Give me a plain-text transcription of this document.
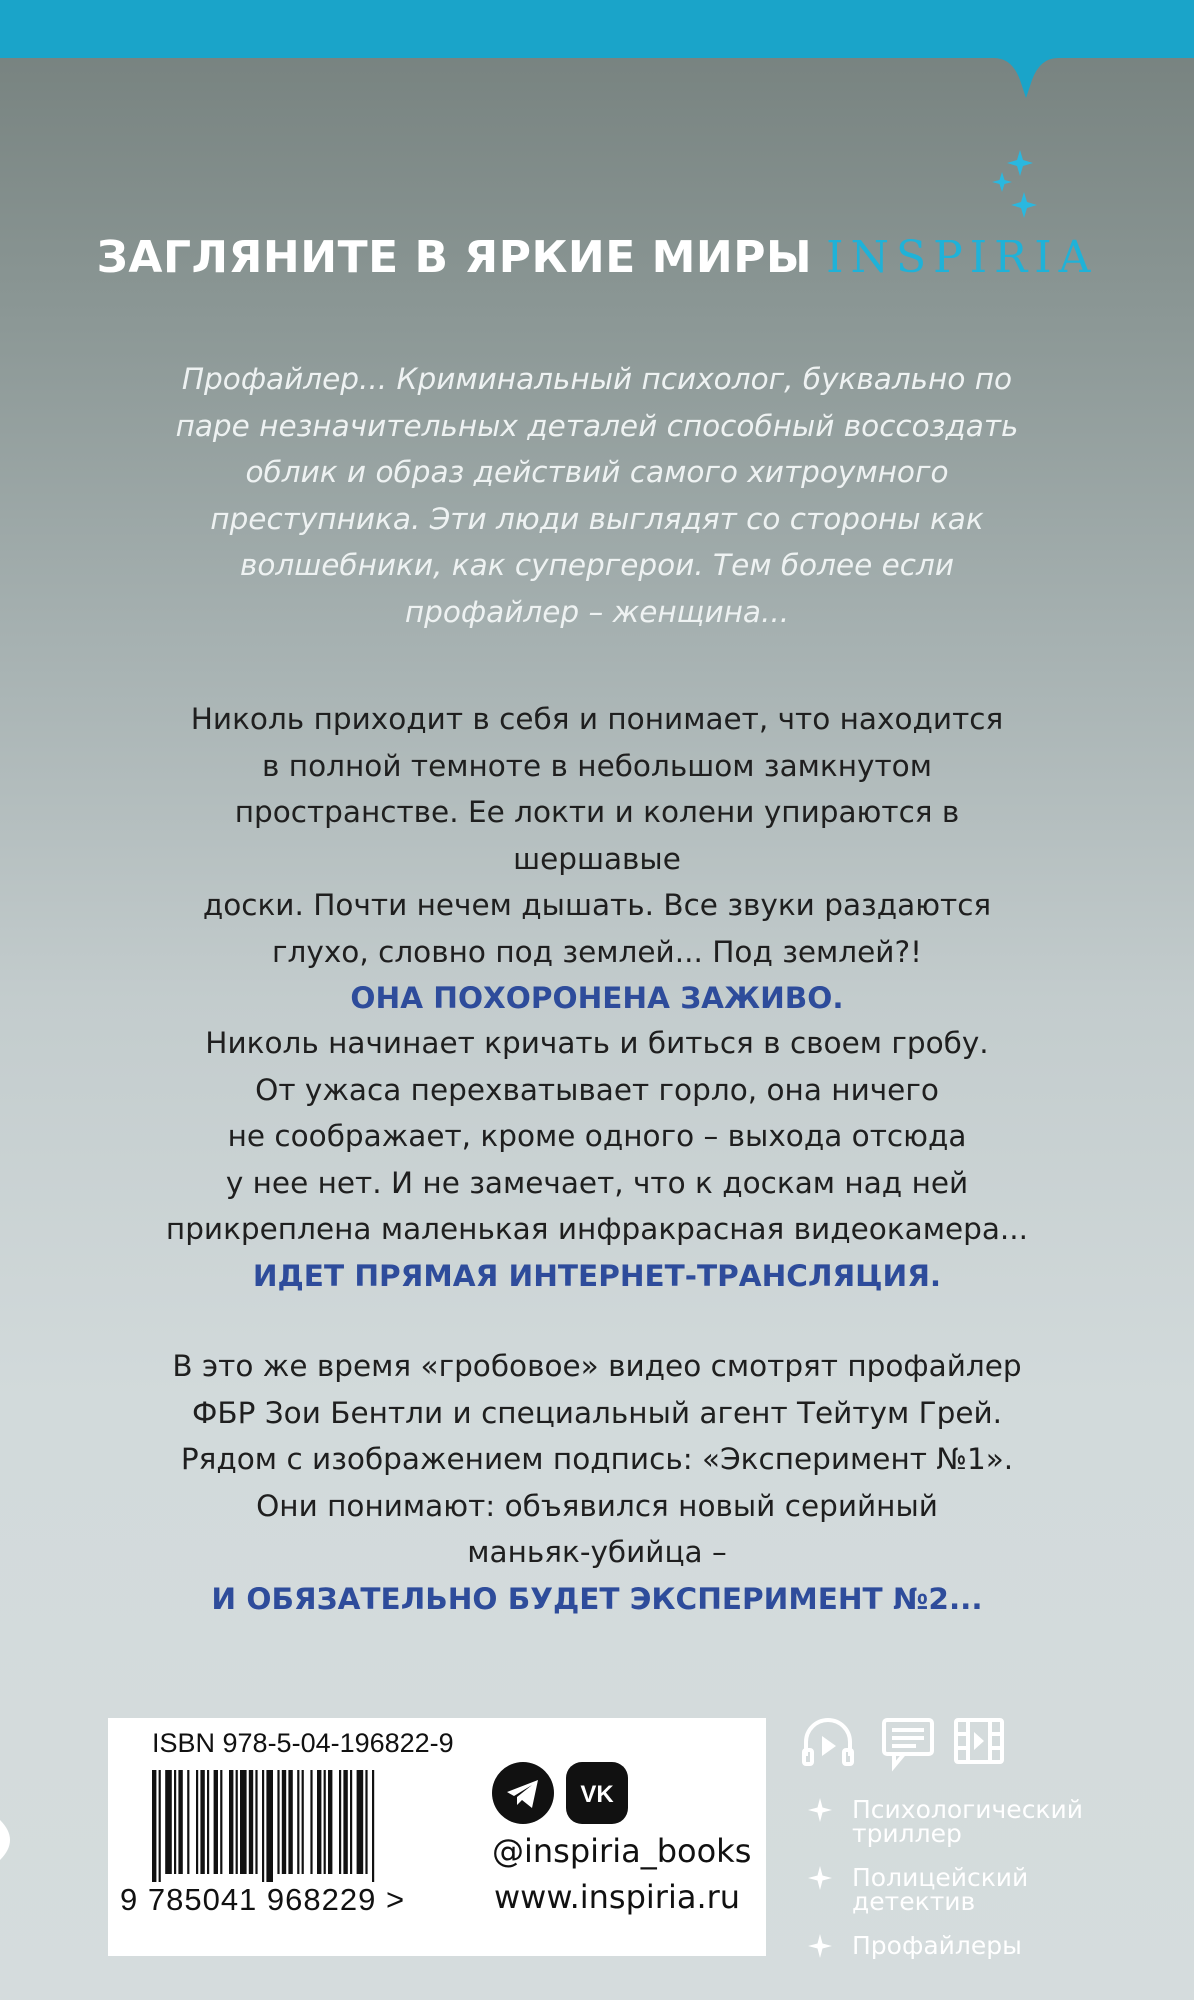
ЗАГЛЯНИТЕ В ЯРКИЕ МИРЫ INSPIRIA
Профайлер... Криминальный психолог, буквально по паре незначительных деталей способный воссоздать облик и образ действий самого хитроумного преступника. Эти люди выглядят со стороны как волшебники, как супергерои. Тем более если профайлер – женщина...
Николь приходит в себя и понимает, что находится
в полной темноте в небольшом замкнутом
пространстве. Ее локти и колени упираются в шершавые
доски. Почти нечем дышать. Все звуки раздаются
глухо, словно под землей... Под землей?!
ОНА ПОХОРОНЕНА ЗАЖИВО.
Николь начинает кричать и биться в своем гробу.
От ужаса перехватывает горло, она ничего
не соображает, кроме одного – выхода отсюда
у нее нет. И не замечает, что к доскам над ней
прикреплена маленькая инфракрасная видеокамера...
ИДЕТ ПРЯМАЯ ИНТЕРНЕТ-ТРАНСЛЯЦИЯ.
В это же время «гробовое» видео смотрят профайлер
ФБР Зои Бентли и специальный агент Тейтум Грей.
Рядом с изображением подпись: «Эксперимент №1».
Они понимают: объявился новый серийный
маньяк-убийца –
И ОБЯЗАТЕЛЬНО БУДЕТ ЭКСПЕРИМЕНТ №2...
ISBN 978-5-04-196822-9
9 785041 968229 >
VK
@inspiria_books
www.inspiria.ru
Психологический
триллер
Полицейский
детектив
Профайлеры
